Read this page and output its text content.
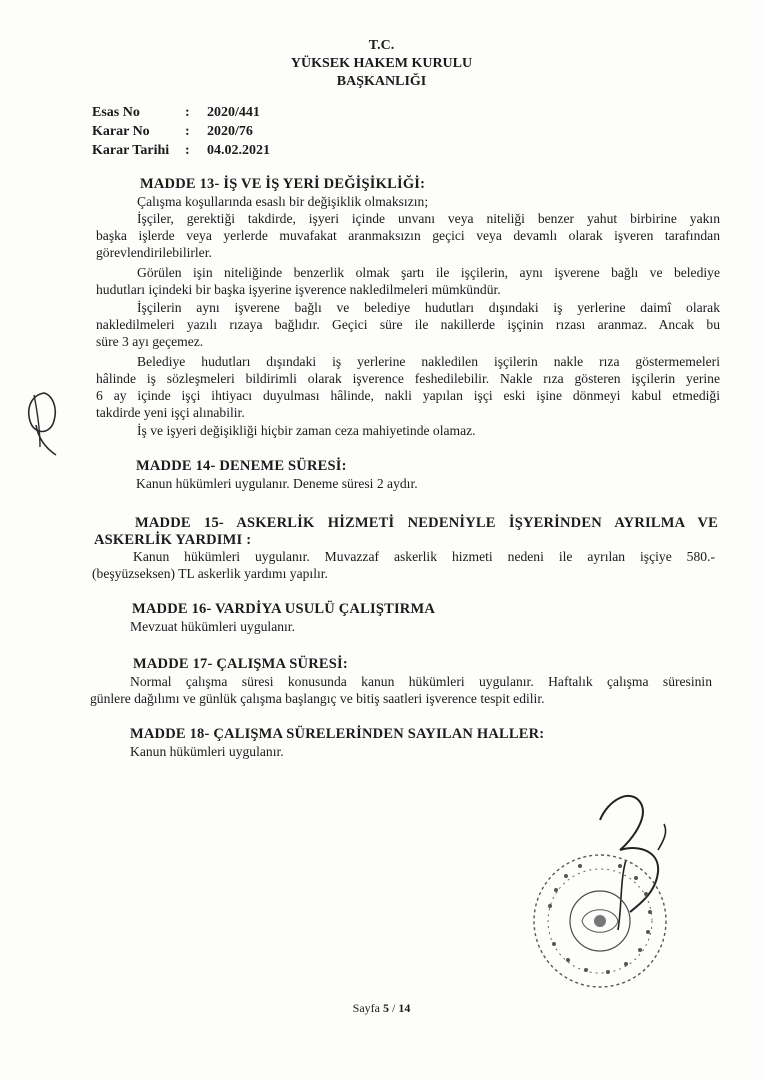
T.C.
YÜKSEK HAKEM KURULU
BAŞKANLIĞI
Esas No	:	2020/441
Karar No	:	2020/76
Karar Tarihi	:	04.02.2021
MADDE 13- İŞ VE İŞ YERİ DEĞİŞİKLİĞİ:
Çalışma koşullarında esaslı bir değişiklik olmaksızın;
İşçiler, gerektiği takdirde, işyeri içinde unvanı veya niteliği benzer yahut birbirine yakın
başka işlerde veya yerlerde muvafakat aranmaksızın geçici veya devamlı olarak işveren tarafından
görevlendirilebilirler.
Görülen işin niteliğinde benzerlik olmak şartı ile işçilerin, aynı işverene bağlı ve belediye
hudutları içindeki bir başka işyerine işverence nakledilmeleri mümkündür.
İşçilerin aynı işverene bağlı ve belediye hudutları dışındaki iş yerlerine daimî olarak
nakledilmeleri yazılı rızaya bağlıdır. Geçici süre ile nakillerde işçinin rızası aranmaz. Ancak bu
süre 3 ayı geçemez.
Belediye hudutları dışındaki iş yerlerine nakledilen işçilerin nakle rıza göstermemeleri
hâlinde iş sözleşmeleri bildirimli olarak işverence feshedilebilir. Nakle rıza gösteren işçilerin yerine
6 ay içinde işçi ihtiyacı duyulması hâlinde, nakli yapılan işçi eski işine dönmeyi kabul etmediği
takdirde yeni işçi alınabilir.
İş ve işyeri değişikliği hiçbir zaman ceza mahiyetinde olamaz.
MADDE 14- DENEME SÜRESİ:
Kanun hükümleri uygulanır. Deneme süresi 2 aydır.
MADDE 15- ASKERLİK HİZMETİ NEDENİYLE İŞYERİNDEN AYRILMA VE
ASKERLİK YARDIMI :
Kanun hükümleri uygulanır. Muvazzaf askerlik hizmeti nedeni ile ayrılan işçiye 580.-
(beşyüzseksen) TL askerlik yardımı yapılır.
MADDE 16- VARDİYA USULÜ ÇALIŞTIRMA
Mevzuat hükümleri uygulanır.
MADDE 17- ÇALIŞMA SÜRESİ:
Normal çalışma süresi konusunda kanun hükümleri uygulanır. Haftalık çalışma süresinin
günlere dağılımı ve günlük çalışma başlangıç ve bitiş saatleri işverence tespit edilir.
MADDE 18- ÇALIŞMA SÜRELERİNDEN SAYILAN HALLER:
Kanun hükümleri uygulanır.
Sayfa 5 / 14
